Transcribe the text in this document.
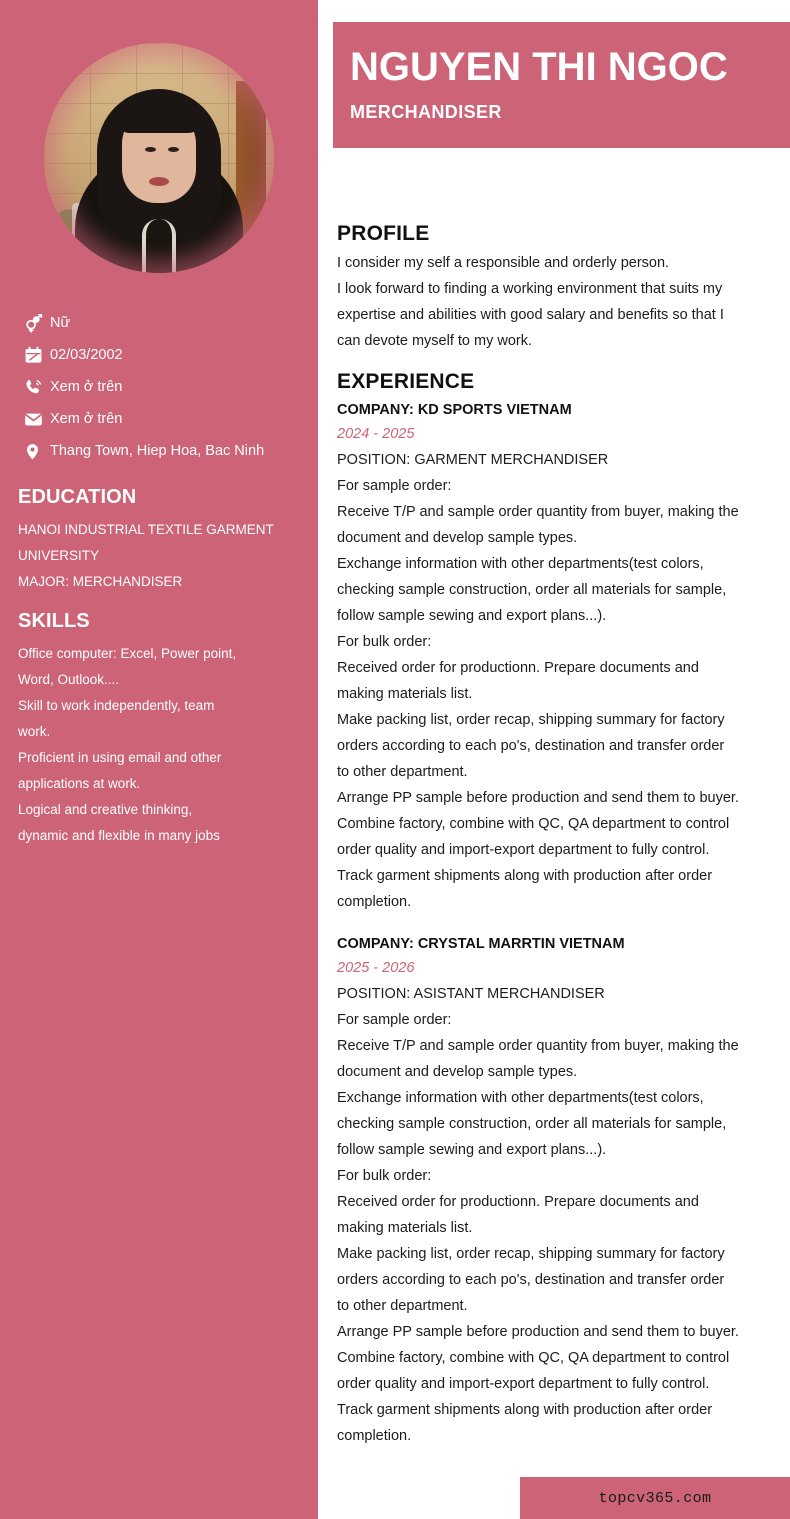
Nữ
02/03/2002
Xem ở trên
Xem ở trên
Thang Town, Hiep Hoa, Bac Ninh
EDUCATION
HANOI INDUSTRIAL TEXTILE GARMENT
UNIVERSITY
MAJOR: MERCHANDISER
SKILLS
Office computer: Excel, Power point,
Word, Outlook....
Skill to work independently, team
work.
Proficient in using email and other
applications at work.
Logical and creative thinking,
dynamic and flexible in many jobs
NGUYEN THI NGOC
MERCHANDISER
PROFILE
I consider my self a responsible and orderly person.
I look forward to finding a working environment that suits my
expertise and abilities with good salary and benefits so that I
can devote myself to my work.
EXPERIENCE
COMPANY: KD SPORTS VIETNAM
2024 - 2025
POSITION: GARMENT MERCHANDISER
For sample order:
Receive T/P and sample order quantity from buyer, making the
document and develop sample types.
Exchange information with other departments(test colors,
checking sample construction, order all materials for sample,
follow sample sewing and export plans...).
For bulk order:
Received order for productionn. Prepare documents and
making materials list.
Make packing list, order recap, shipping summary for factory
orders according to each po's, destination and transfer order
to other department.
Arrange PP sample before production and send them to buyer.
Combine factory, combine with QC, QA department to control
order quality and import-export department to fully control.
Track garment shipments along with production after order
completion.
COMPANY: CRYSTAL MARRTIN VIETNAM
2025 - 2026
POSITION: ASISTANT MERCHANDISER
For sample order:
Receive T/P and sample order quantity from buyer, making the
document and develop sample types.
Exchange information with other departments(test colors,
checking sample construction, order all materials for sample,
follow sample sewing and export plans...).
For bulk order:
Received order for productionn. Prepare documents and
making materials list.
Make packing list, order recap, shipping summary for factory
orders according to each po's, destination and transfer order
to other department.
Arrange PP sample before production and send them to buyer.
Combine factory, combine with QC, QA department to control
order quality and import-export department to fully control.
Track garment shipments along with production after order
completion.
topcv365.com
